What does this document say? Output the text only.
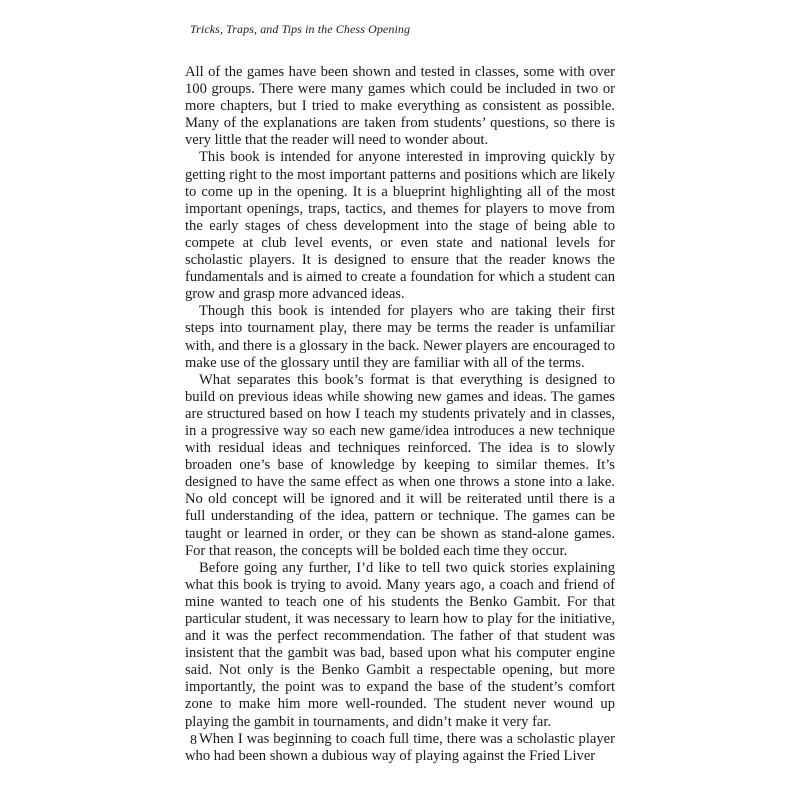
Tricks, Traps, and Tips in the Chess Opening

All of the games have been shown and tested in classes, some with over 100 groups. There were many games which could be included in two or more chapters, but I tried to make everything as consistent as possible. Many of the explanations are taken from students’ questions, so there is very little that the reader will need to wonder about.

This book is intended for anyone interested in improving quickly by getting right to the most important patterns and positions which are likely to come up in the opening. It is a blueprint highlighting all of the most important openings, traps, tactics, and themes for players to move from the early stages of chess development into the stage of being able to compete at club level events, or even state and national levels for scholastic players. It is designed to ensure that the reader knows the fundamentals and is aimed to create a foundation for which a student can grow and grasp more advanced ideas.

Though this book is intended for players who are taking their first steps into tournament play, there may be terms the reader is unfamiliar with, and there is a glossary in the back. Newer players are encouraged to make use of the glossary until they are familiar with all of the terms.

What separates this book’s format is that everything is designed to build on previous ideas while showing new games and ideas. The games are structured based on how I teach my students privately and in classes, in a progressive way so each new game/idea introduces a new technique with residual ideas and techniques reinforced. The idea is to slowly broaden one’s base of knowledge by keeping to similar themes. It’s designed to have the same effect as when one throws a stone into a lake. No old concept will be ignored and it will be reiterated until there is a full understanding of the idea, pattern or technique. The games can be taught or learned in order, or they can be shown as stand-alone games. For that reason, the concepts will be bolded each time they occur.

Before going any further, I’d like to tell two quick stories explaining what this book is trying to avoid. Many years ago, a coach and friend of mine wanted to teach one of his students the Benko Gambit. For that particular student, it was necessary to learn how to play for the initiative, and it was the perfect recommendation. The father of that student was insistent that the gambit was bad, based upon what his computer engine said. Not only is the Benko Gambit a respectable opening, but more importantly, the point was to expand the base of the student’s comfort zone to make him more well-rounded. The student never wound up playing the gambit in tournaments, and didn’t make it very far.

When I was beginning to coach full time, there was a scholastic player who had been shown a dubious way of playing against the Fried Liver

8
